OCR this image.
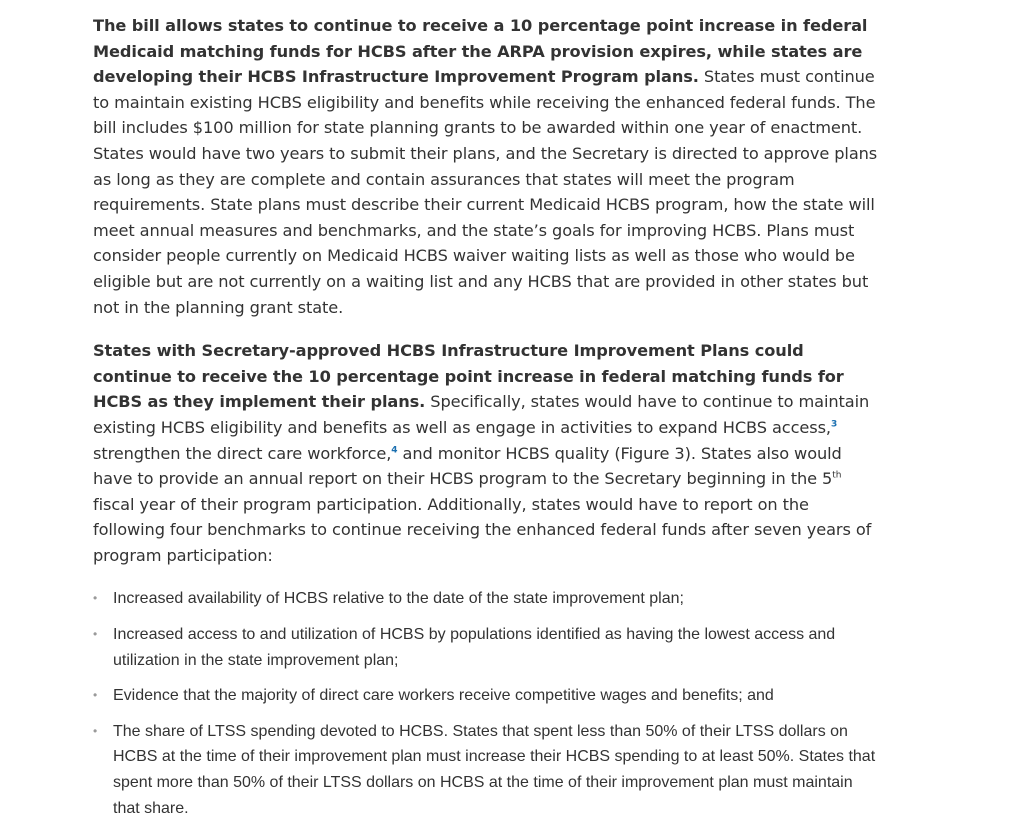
The bill allows states to continue to receive a 10 percentage point increase in federal Medicaid matching funds for HCBS after the ARPA provision expires, while states are developing their HCBS Infrastructure Improvement Program plans. States must continue to maintain existing HCBS eligibility and benefits while receiving the enhanced federal funds. The bill includes $100 million for state planning grants to be awarded within one year of enactment. States would have two years to submit their plans, and the Secretary is directed to approve plans as long as they are complete and contain assurances that states will meet the program requirements. State plans must describe their current Medicaid HCBS program, how the state will meet annual measures and benchmarks, and the state’s goals for improving HCBS. Plans must consider people currently on Medicaid HCBS waiver waiting lists as well as those who would be eligible but are not currently on a waiting list and any HCBS that are provided in other states but not in the planning grant state.

States with Secretary-approved HCBS Infrastructure Improvement Plans could continue to receive the 10 percentage point increase in federal matching funds for HCBS as they implement their plans. Specifically, states would have to continue to maintain existing HCBS eligibility and benefits as well as engage in activities to expand HCBS access,$^3$ strengthen the direct care workforce,$^4$ and monitor HCBS quality (Figure 3). States also would have to provide an annual report on their HCBS program to the Secretary beginning in the 5th fiscal year of their program participation. Additionally, states would have to report on the following four benchmarks to continue receiving the enhanced federal funds after seven years of program participation:

• Increased availability of HCBS relative to the date of the state improvement plan;
• Increased access to and utilization of HCBS by populations identified as having the lowest access and utilization in the state improvement plan;
• Evidence that the majority of direct care workers receive competitive wages and benefits; and
• The share of LTSS spending devoted to HCBS. States that spent less than 50% of their LTSS dollars on HCBS at the time of their improvement plan must increase their HCBS spending to at least 50%. States that spent more than 50% of their LTSS dollars on HCBS at the time of their improvement plan must maintain that share.
